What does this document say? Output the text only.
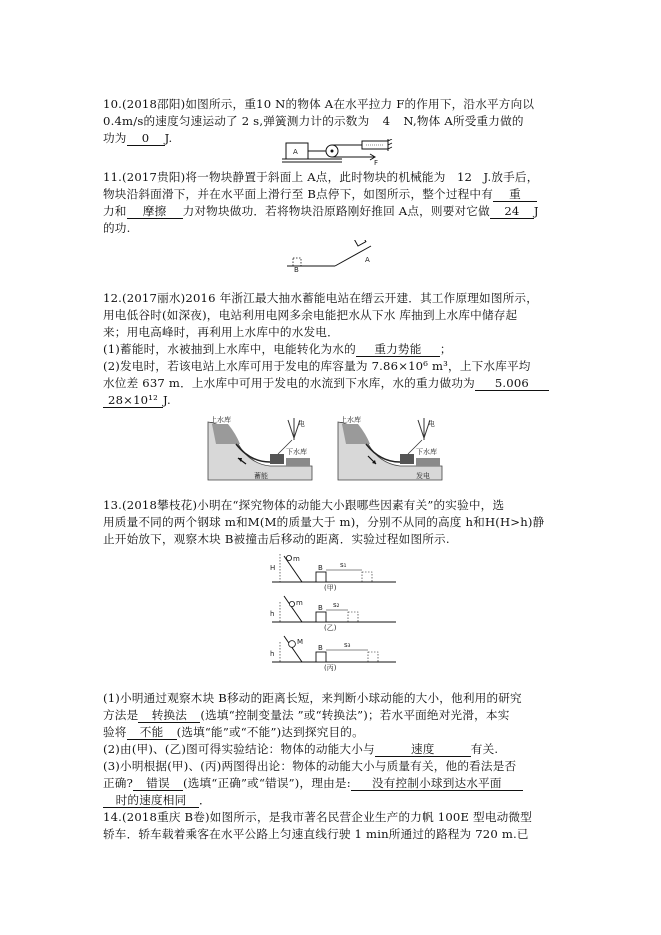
10.(2018邵阳)如图所示，重10 N的物体 A在水平拉力 F的作用下，沿水平方向以
0.4m/s的速度匀速运动了 2 s,弹簧测力计的示数为 4 N,物体 A所受重力做的
功为 0 J.
A
F
11.(2017贵阳)将一物块静置于斜面上 A点，此时物块的机械能为 12 J.放手后，
物块沿斜面滑下，并在水平面上滑行至 B点停下，如图所示，整个过程中有 重
力和 摩擦 力对物块做功．若将物块沿原路刚好推回 A点，则要对它做 24 J
的功.
B
A
12.(2017丽水)2016 年浙江最大抽水蓄能电站在缙云开建．其工作原理如图所示，
用电低谷时(如深夜)，电站利用电网多余电能把水从下水 库抽到上水库中储存起
来；用电高峰时，再利用上水库中的水发电．
(1)蓄能时，水被抽到上水库中，电能转化为水的 重力势能 ；
(2)发电时，若该电站上水库可用于发电的库容量为 7.86×10⁶ m³，上下水库平均
水位差 637 m．上水库中可用于发电的水流到下水库，水的重力做功为 5.006
28×10¹² J.
上水库	电
下水库
蓄能
上水库	电
下水库
发电
13.(2018攀枝花)小明在“探究物体的动能大小跟哪些因素有关”的实验中，选
用质量不同的两个钢球 m和M(M的质量大于 m)，分别不从同的高度 h和H(H>h)静
止开始放下，观察木块 B被撞击后移动的距离．实验过程如图所示.
H
m
B s₁
(甲)
h
m
B s₂
(乙)
h
M
B	s₃
(丙)
(1)小明通过观察木块 B移动的距离长短，来判断小球动能的大小，他利用的研究
方法是 转换法 (选填“控制变量法 ”或“转换法”)；若水平面绝对光滑，本实
验将 不能 (选填“能”或“不能”)达到探究目的。
(2)由(甲)、(乙)图可得实验结论：物体的动能大小与	速度	有关.
(3)小明根据(甲)、(丙)两图得出论：物体的动能大小与质量有关，他的看法是否
正确? 错误 (选填“正确”或“错误”)，理由是: 没有控制小球到达水平面
时的速度相同 ．
14.(2018重庆 B卷)如图所示，是我市著名民营企业生产的力帆 100E 型电动微型
轿车．轿车载着乘客在水平公路上匀速直线行驶 1 min所通过的路程为 720 m.已
